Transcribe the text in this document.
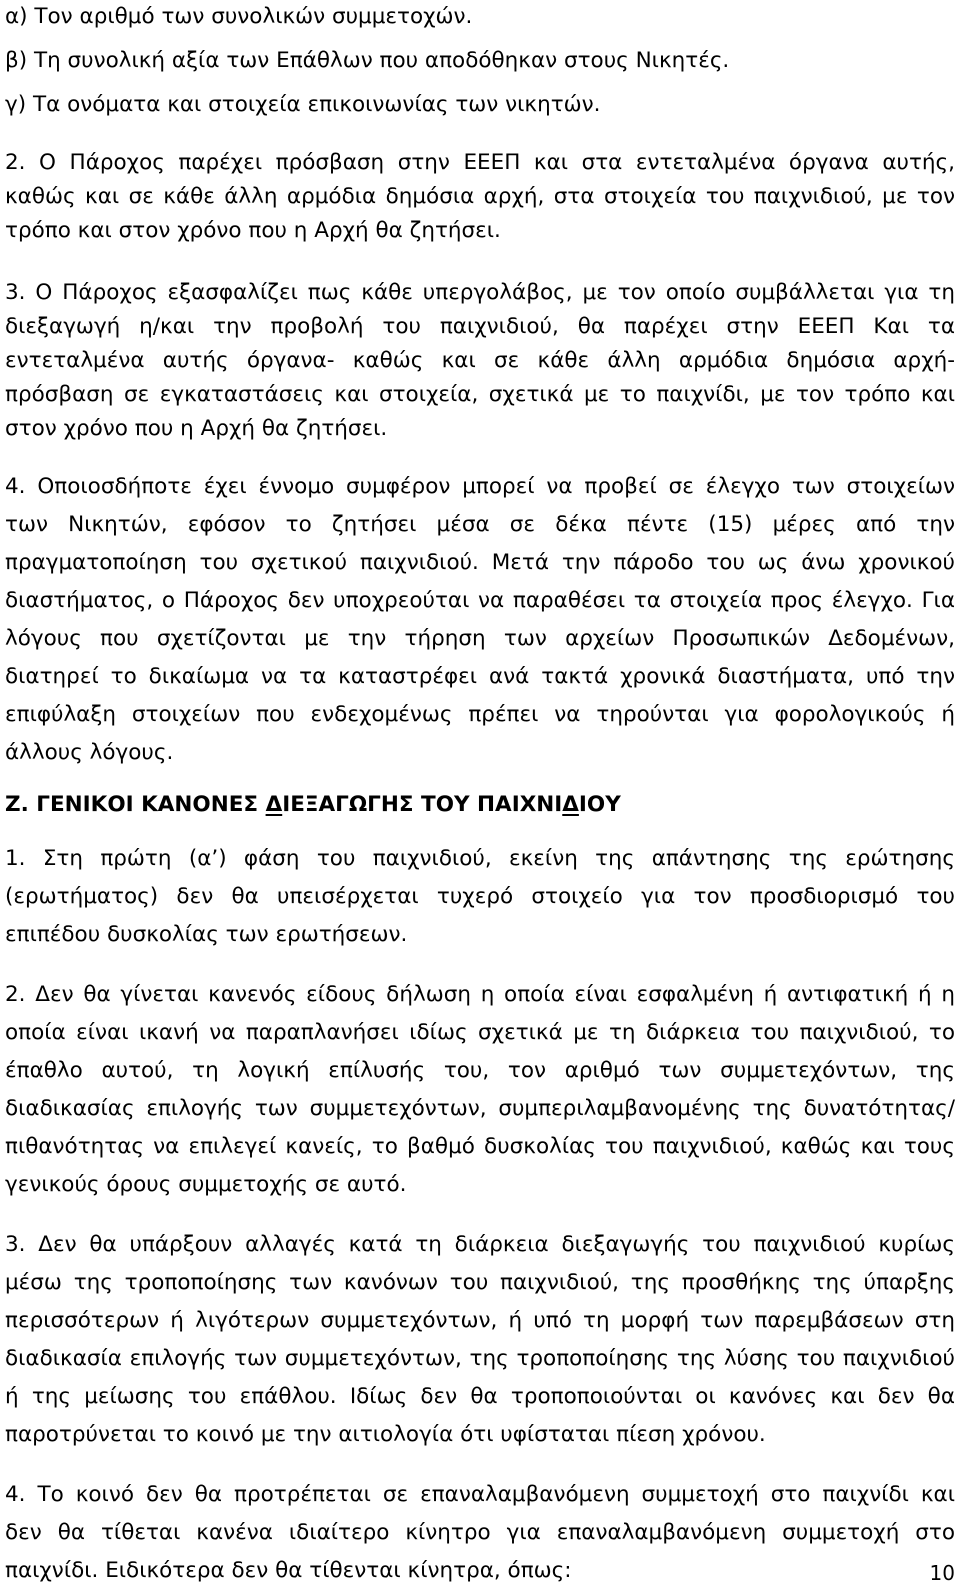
α) Τον αριθμό των συνολικών συμμετοχών.
β) Τη συνολική αξία των Επάθλων που αποδόθηκαν στους Νικητές.
γ) Τα ονόματα και στοιχεία επικοινωνίας των νικητών.
2. Ο Πάροχος παρέχει πρόσβαση στην ΕΕΕΠ και στα εντεταλμένα όργανα αυτής,
καθώς και σε κάθε άλλη αρμόδια δημόσια αρχή, στα στοιχεία του παιχνιδιού, με τον
τρόπο και στον χρόνο που η Αρχή θα ζητήσει.
3. Ο Πάροχος εξασφαλίζει πως κάθε υπεργολάβος, με τον οποίο συμβάλλεται για τη
διεξαγωγή η/και την προβολή του παιχνιδιού, θα παρέχει στην ΕΕΕΠ Και τα
εντεταλμένα αυτής όργανα- καθώς και σε κάθε άλλη αρμόδια δημόσια αρχή-
πρόσβαση σε εγκαταστάσεις και στοιχεία, σχετικά με το παιχνίδι, με τον τρόπο και
στον χρόνο που η Αρχή θα ζητήσει.
4. Οποιοσδήποτε έχει έννομο συμφέρον μπορεί να προβεί σε έλεγχο των στοιχείων
των Νικητών, εφόσον το ζητήσει μέσα σε δέκα πέντε (15) μέρες από την
πραγματοποίηση του σχετικού παιχνιδιού. Μετά την πάροδο του ως άνω χρονικού
διαστήματος, ο Πάροχος δεν υποχρεούται να παραθέσει τα στοιχεία προς έλεγχο. Για
λόγους που σχετίζονται με την τήρηση των αρχείων Προσωπικών Δεδομένων,
διατηρεί το δικαίωμα να τα καταστρέφει ανά τακτά χρονικά διαστήματα, υπό την
επιφύλαξη στοιχείων που ενδεχομένως πρέπει να τηρούνται για φορολογικούς ή
άλλους λόγους.
Ζ. ΓΕΝΙΚΟΙ ΚΑΝΟΝΕΣ ΔΙΕΞΑΓΩΓΗΣ ΤΟΥ ΠΑΙΧΝΙΔΙΟΥ
1. Στη πρώτη (α’) φάση του παιχνιδιού, εκείνη της απάντησης της ερώτησης
(ερωτήματος) δεν θα υπεισέρχεται τυχερό στοιχείο για τον προσδιορισμό του
επιπέδου δυσκολίας των ερωτήσεων.
2. Δεν θα γίνεται κανενός είδους δήλωση η οποία είναι εσφαλμένη ή αντιφατική ή η
οποία είναι ικανή να παραπλανήσει ιδίως σχετικά με τη διάρκεια του παιχνιδιού, το
έπαθλο αυτού, τη λογική επίλυσής του, τον αριθμό των συμμετεχόντων, της
διαδικασίας επιλογής των συμμετεχόντων, συμπεριλαμβανομένης της δυνατότητας/
πιθανότητας να επιλεγεί κανείς, το βαθμό δυσκολίας του παιχνιδιού, καθώς και τους
γενικούς όρους συμμετοχής σε αυτό.
3. Δεν θα υπάρξουν αλλαγές κατά τη διάρκεια διεξαγωγής του παιχνιδιού κυρίως
μέσω της τροποποίησης των κανόνων του παιχνιδιού, της προσθήκης της ύπαρξης
περισσότερων ή λιγότερων συμμετεχόντων, ή υπό τη μορφή των παρεμβάσεων στη
διαδικασία επιλογής των συμμετεχόντων, της τροποποίησης της λύσης του παιχνιδιού
ή της μείωσης του επάθλου. Ιδίως δεν θα τροποποιούνται οι κανόνες και δεν θα
παροτρύνεται το κοινό με την αιτιολογία ότι υφίσταται πίεση χρόνου.
4. Το κοινό δεν θα προτρέπεται σε επαναλαμβανόμενη συμμετοχή στο παιχνίδι και
δεν θα τίθεται κανένα ιδιαίτερο κίνητρο για επαναλαμβανόμενη συμμετοχή στο
παιχνίδι. Ειδικότερα δεν θα τίθενται κίνητρα, όπως:	10
